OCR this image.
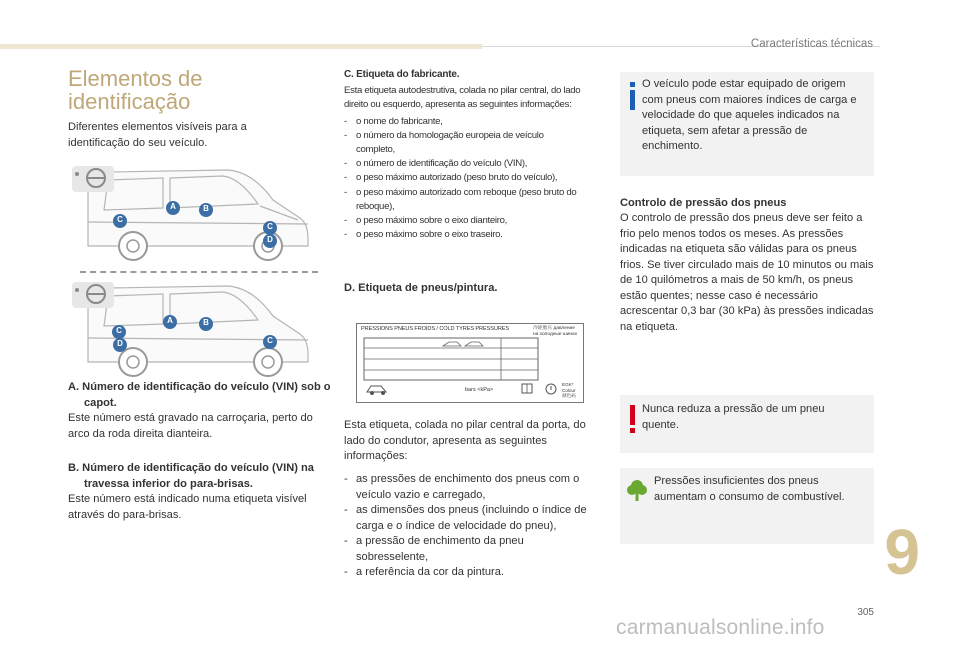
Características técnicas
Elementos de identificação
Diferentes elementos visíveis para a identificação do seu veículo.
A	B
C
C
D
A	B
C
D	C
A. Número de identificação do veículo (VIN) sob o capot.
Este número está gravado na carroçaria, perto do arco da roda direita dianteira.
B. Número de identificação do veículo (VIN) na travessa inferior do para-brisas.
Este número está indicado numa etiqueta visível através do para-brisas.
C. Etiqueta do fabricante.
Esta etiqueta autodestrutiva, colada no pilar central, do lado direito ou esquerdo, apresenta as seguintes informações:
- o nome do fabricante,
- o número da homologação europeia de veículo completo,
- o número de identificação do veículo (VIN),
- o peso máximo autorizado (peso bruto do veículo),
- o peso máximo autorizado com reboque (peso bruto do reboque),
- o peso máximo sobre o eixo dianteiro,
- o peso máximo sobre o eixo traseiro.
D. Etiqueta de pneus/pintura.
PRESSIONS PNEUS FROIDS / COLD TYRES PRESSURES	冷轮胎压 давление на холодные шинах
bars <kPa>
EGK* Colour 颜色码
Esta etiqueta, colada no pilar central da porta, do lado do condutor, apresenta as seguintes informações:
- as pressões de enchimento dos pneus com o veículo vazio e carregado,
- as dimensões dos pneus (incluindo o índice de carga e o índice de velocidade do pneu),
- a pressão de enchimento da pneu sobresselente,
- a referência da cor da pintura.
O veículo pode estar equipado de origem com pneus com maiores índices de carga e velocidade do que aqueles indicados na etiqueta, sem afetar a pressão de enchimento.
Controlo de pressão dos pneus
O controlo de pressão dos pneus deve ser feito a frio pelo menos todos os meses. As pressões indicadas na etiqueta são válidas para os pneus frios. Se tiver circulado mais de 10 minutos ou mais de 10 quilómetros a mais de 50 km/h, os pneus estão quentes; nesse caso é necessário acrescentar 0,3 bar (30 kPa) às pressões indicadas na etiqueta.
Nunca reduza a pressão de um pneu quente.
Pressões insuficientes dos pneus aumentam o consumo de combustível.
9
305
carmanualsonline.info
